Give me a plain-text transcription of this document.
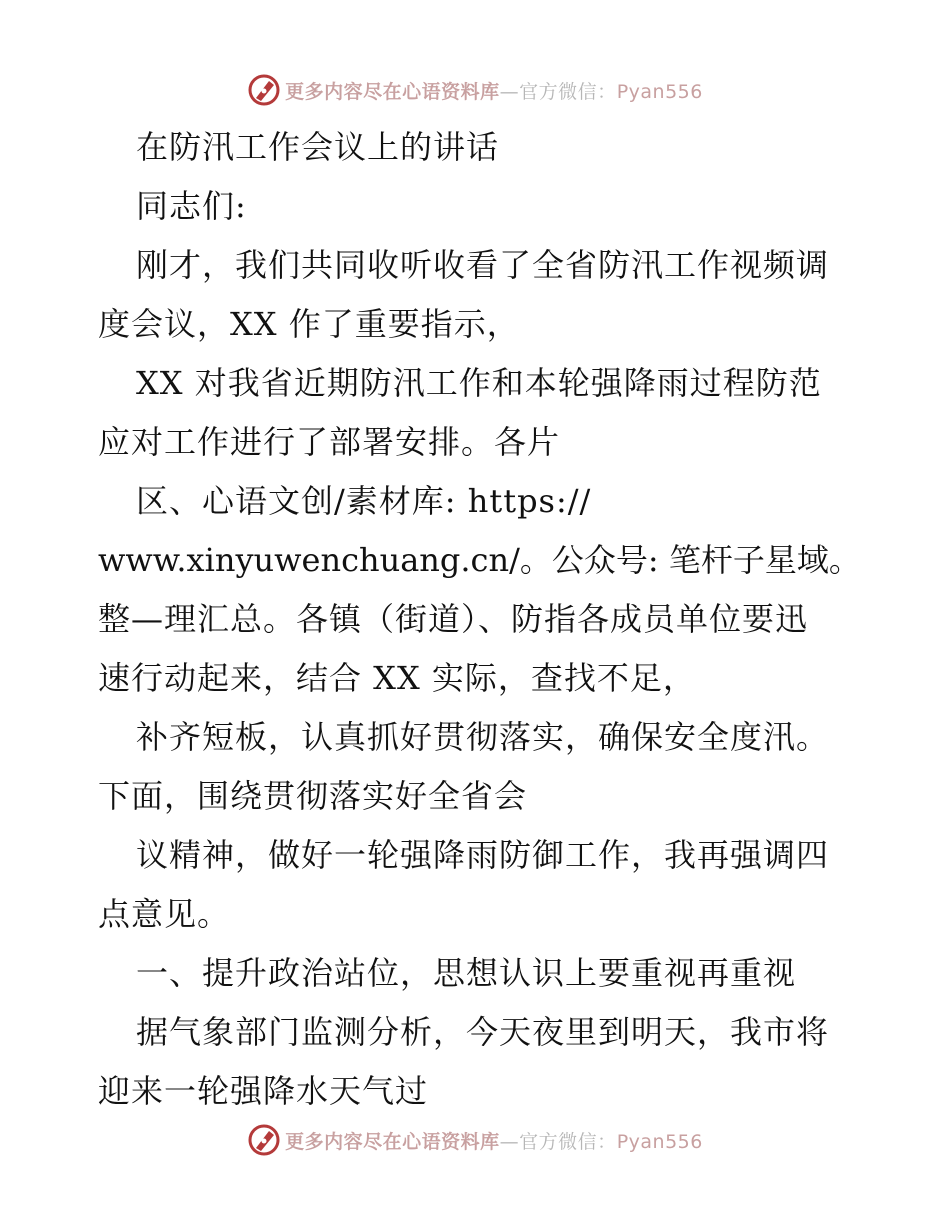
更多内容尽在心语资料库—官方微信：Pyan556
在防汛工作会议上的讲话
同志们:
刚才，我们共同收听收看了全省防汛工作视频调
度会议，XX 作了重要指示，
XX 对我省近期防汛工作和本轮强降雨过程防范
应对工作进行了部署安排。各片
区、心语文创/素材库: https://
www.xinyuwenchuang.cn/。公众号: 笔杆子星域。
整—理汇总。各镇（街道）、防指各成员单位要迅
速行动起来，结合 XX 实际，查找不足，
补齐短板，认真抓好贯彻落实，确保安全度汛。
下面，围绕贯彻落实好全省会
议精神，做好一轮强降雨防御工作，我再强调四
点意见。
一、提升政治站位，思想认识上要重视再重视
据气象部门监测分析，今天夜里到明天，我市将
迎来一轮强降水天气过
更多内容尽在心语资料库—官方微信：Pyan556
